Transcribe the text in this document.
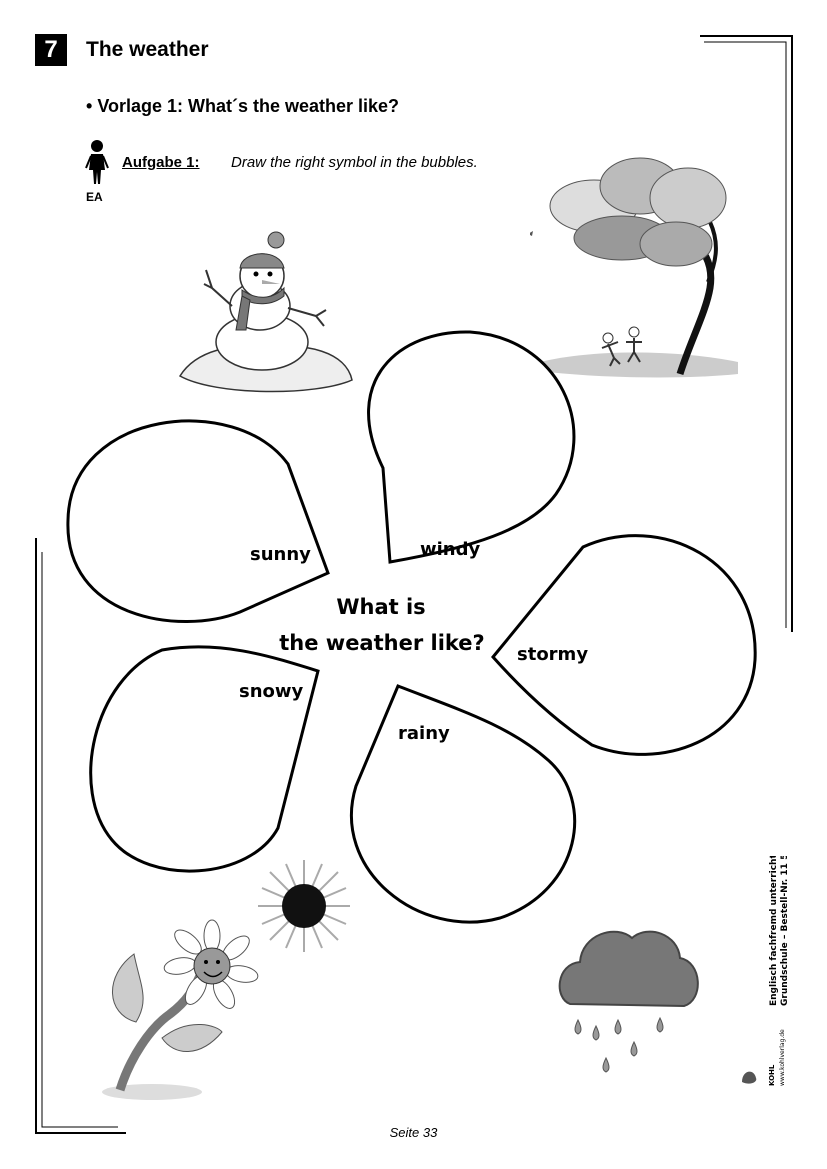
7	The weather
• Vorlage 1: What´s the weather like?
EA
Aufgabe 1: Draw the right symbol in the bubbles.
sunny	windy
stormy
snowy
rainy
What is
the weather like?
Englisch fachfremd unterrichten Grundschule – Bestell-Nr. 11 553
KOHL www.kohlverlag.de
Seite 33
